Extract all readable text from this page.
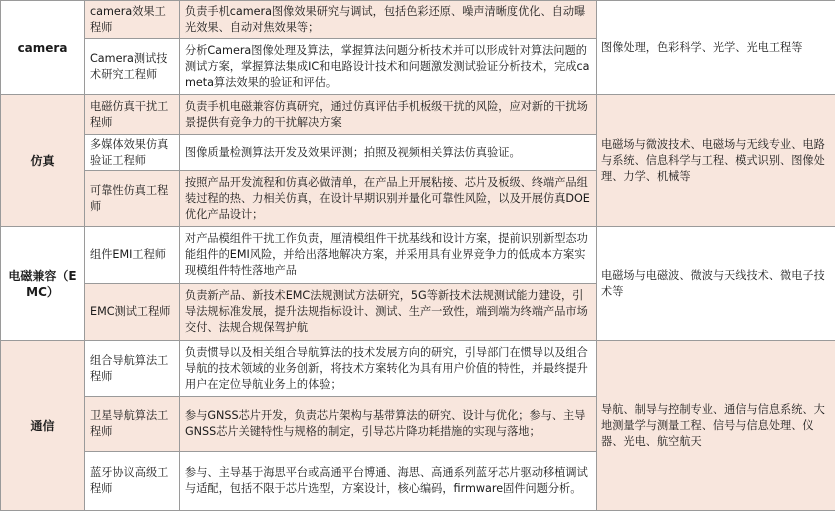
camera	camera效果工程师	负责手机camera图像效果研究与调试，包括色彩还原、噪声清晰度优化、自动曝光效果、自动对焦效果等；	图像处理，色彩科学、光学、光电工程等
	Camera测试技术研究工程师	分析Camera图像处理及算法，掌握算法问题分析技术并可以形成针对算法问题的测试方案，掌握算法集成IC和电路设计技术和问题激发测试验证分析技术，完成cameta算法效果的验证和评估。	
仿真	电磁仿真干扰工程师	负责手机电磁兼容仿真研究，通过仿真评估手机板级干扰的风险，应对新的干扰场景提供有竞争力的干扰解决方案	电磁场与微波技术、电磁场与无线专业、电路与系统、信息科学与工程、模式识别、图像处理、力学、机械等
	多媒体效果仿真验证工程师	图像质量检测算法开发及效果评测；拍照及视频相关算法仿真验证。	
	可靠性仿真工程师	按照产品开发流程和仿真必做清单，在产品上开展粘接、芯片及板级、终端产品组装过程的热、力相关仿真，在设计早期识别并量化可靠性风险，以及开展仿真DOE优化产品设计；	
电磁兼容（EMC）	组件EMI工程师	对产品模组件干扰工作负责，厘清模组件干扰基线和设计方案，提前识别新型态功能组件的EMI风险，并给出落地解决方案，并采用具有业界竞争力的低成本方案实现模组件特性落地产品	电磁场与电磁波、微波与天线技术、微电子技术等
	EMC测试工程师	负责新产品、新技术EMC法规测试方法研究，5G等新技术法规测试能力建设，引导法规标准发展，提升法规指标设计、测试、生产一致性，端到端为终端产品市场交付、法规合规保驾护航	
通信	组合导航算法工程师	负责惯导以及相关组合导航算法的技术发展方向的研究，引导部门在惯导以及组合导航的技术领域的业务创新，将技术方案转化为具有用户价值的特性，并最终提升用户在定位导航业务上的体验；	导航、制导与控制专业、通信与信息系统、大地测量学与测量工程、信号与信息处理、仪器、光电、航空航天
	卫星导航算法工程师	参与GNSS芯片开发，负责芯片架构与基带算法的研究、设计与优化；参与、主导GNSS芯片关键特性与规格的制定，引导芯片降功耗措施的实现与落地；	
	蓝牙协议高级工程师	参与、主导基于海思平台或高通平台博通、海思、高通系列蓝牙芯片驱动移植调试与适配，包括不限于芯片选型，方案设计，核心编码，firmware固件问题分析。	
